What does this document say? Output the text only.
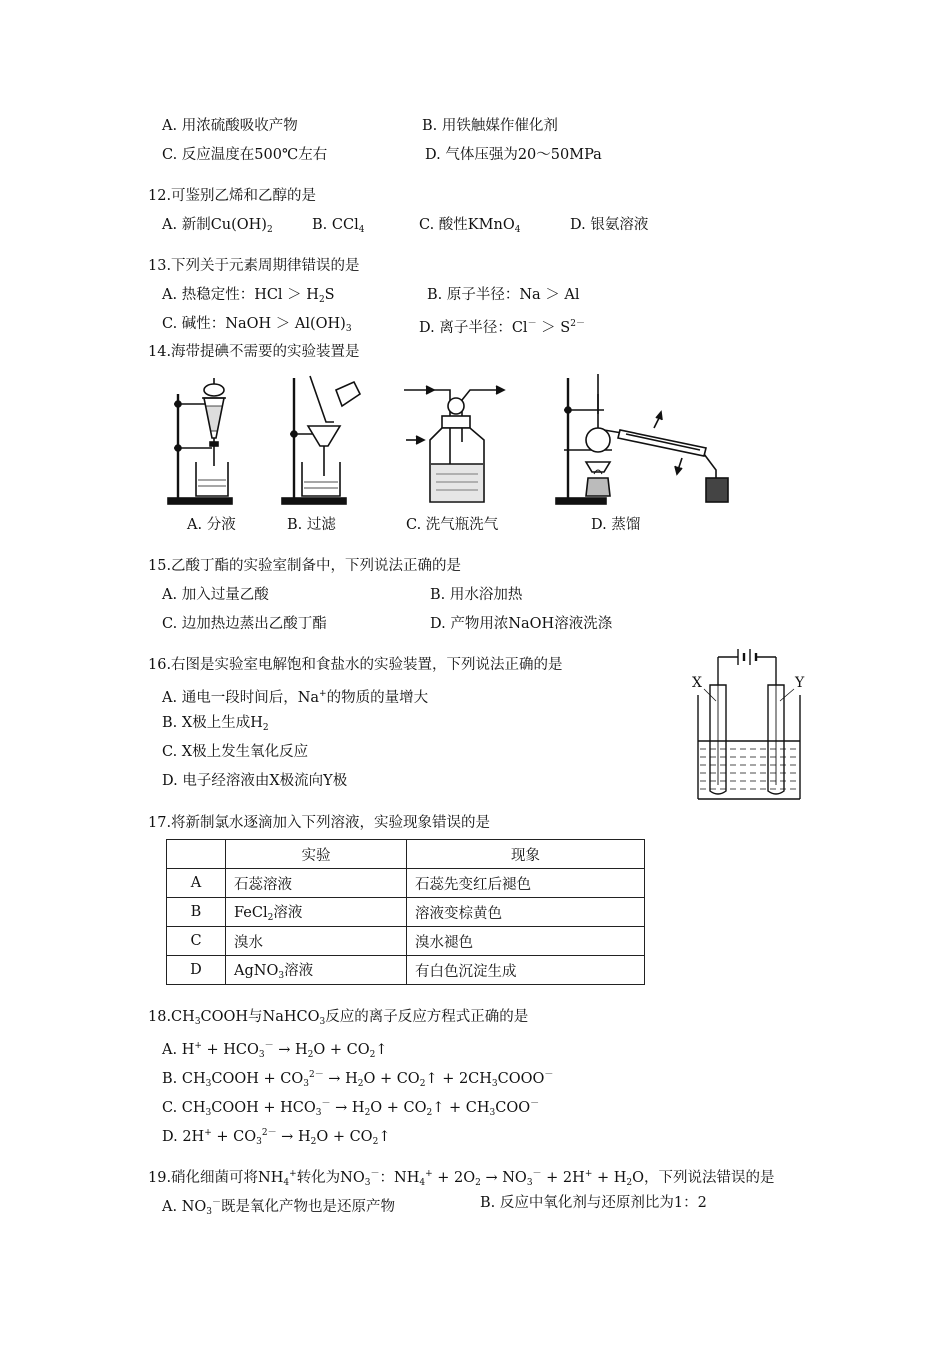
A. 用浓硫酸吸收产物	B. 用铁触媒作催化剂
C. 反应温度在500℃左右	D. 气体压强为20～50MPa
12.可鉴别乙烯和乙醇的是
A. 新制$Cu(OH)_2$	B. CCl$_4$	C. 酸性KMnO$_4$	D. 银氨溶液
13.下列关于元素周期律错误的是
A. 热稳定性：HCl ＞ $H_2S$	B. 原子半径：Na ＞ Al
C. 碱性：NaOH ＞ $Al(OH)_3$	D. 离子半径：$Cl^- > S^{2-}$
14.海带提碘不需要的实验装置是
A. 分液	B. 过滤	C. 洗气瓶洗气	D. 蒸馏
15.乙酸丁酯的实验室制备中，下列说法正确的是
A. 加入过量乙酸	B. 用水浴加热
C. 边加热边蒸出乙酸丁酯	D. 产物用浓NaOH溶液洗涤
16.右图是实验室电解饱和食盐水的实验装置，下列说法正确的是
A. 通电一段时间后，Na+的物质的量增大
B. X极上生成$H_2$
C. X极上发生氧化反应
D. 电子经溶液由X极流向Y极
X	Y
17.将新制氯水逐滴加入下列溶液，实验现象错误的是
	实验	现象
A	石蕊溶液	石蕊先变红后褪色
B	FeCl$_2$溶液	溶液变棕黄色
C	溴水	溴水褪色
D	AgNO$_3$溶液	有白色沉淀生成
$18.CH_3COOH$与NaHCO$_3$反应的离子反应方程式正确的是
A. $H^+ + HCO_3^- \to H_2O$ + $CO_2↑$
B. $CH_3COOH + CO_3^{2-} \to H_2O$ + $CO_2↑$ + $2CH_3COOO^-$
C. $CH_3COOH + HCO_3^- \to H_2O$ + $CO_2↑ + CH_3COO^-$
D. $2H^+ + CO_3^{2-} \to H_2O$ + $CO_2↑$
19.硝化细菌可将$NH_4^+$转化为$NO_3^-$：$NH_4^+ + 2O_2 \to NO_3^- + 2H^+ + H_2O$，下列说法错误的是
A. $NO_3^-$既是氧化产物也是还原产物	B. 反应中氧化剂与还原剂比为1：2
